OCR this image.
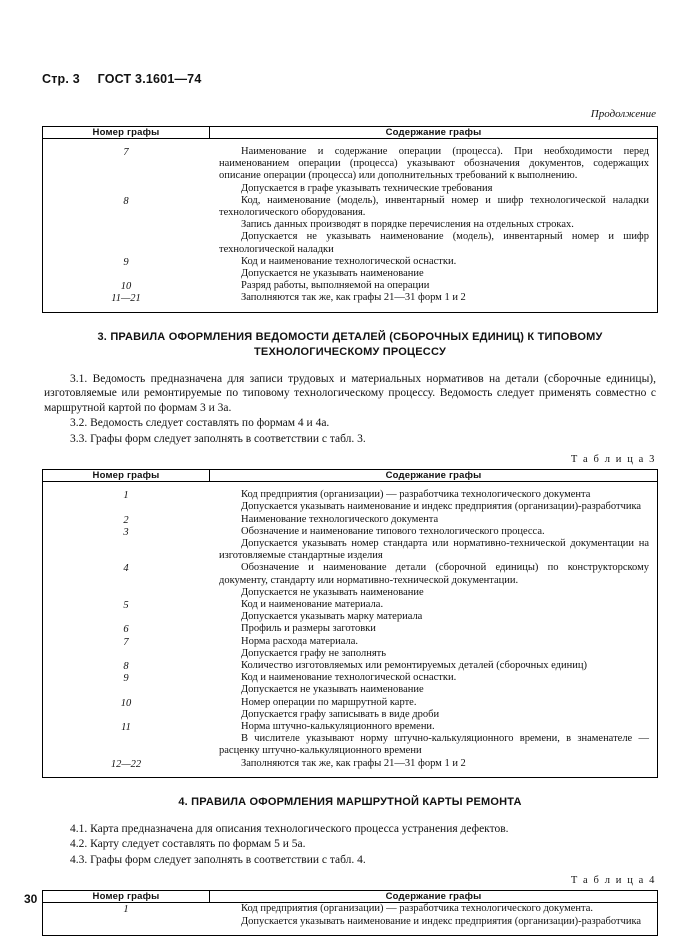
Стр. 3 ГОСТ 3.1601—74
Продолжение
Номер графы	Содержание графы

7	Наименование и содержание операции (процесса). При необходимости перед наименованием операции (процесса) указывают обозначения документов, содержащих описание операции (процесса) или дополнительных требований к выполнению.
Допускается в графе указывать технические требования
8	Код, наименование (модель), инвентарный номер и шифр технологической наладки технологического оборудования.
Запись данных производят в порядке перечисления на отдельных строках.
Допускается не указывать наименование (модель), инвентарный номер и шифр технологической наладки
9	Код и наименование технологической оснастки.
Допускается не указывать наименование
10	Разряд работы, выполняемой на операции
11—21	Заполняются так же, как графы 21—31 форм 1 и 2
3. ПРАВИЛА ОФОРМЛЕНИЯ ВЕДОМОСТИ ДЕТАЛЕЙ (СБОРОЧНЫХ ЕДИНИЦ) К ТИПОВОМУ
ТЕХНОЛОГИЧЕСКОМУ ПРОЦЕССУ
3.1. Ведомость предназначена для записи трудовых и материальных нормативов на детали (сборочные единицы), изготовляемые или ремонтируемые по типовому технологическому процессу. Ведомость следует применять совместно с маршрутной картой по формам 3 и 3а.
3.2. Ведомость следует составлять по формам 4 и 4а.
3.3. Графы форм следует заполнять в соответствии с табл. 3.
Т а б л и ц а 3
Номер графы	Содержание графы

1	Код предприятия (организации) — разработчика технологического документа
Допускается указывать наименование и индекс предприятия (организации)-разработчика
2	Наименование технологического документа
3	Обозначение и наименование типового технологического процесса.
Допускается указывать номер стандарта или нормативно-технической документации на изготовляемые стандартные изделия
4	Обозначение и наименование детали (сборочной единицы) по конструкторскому документу, стандарту или нормативно-технической документации.
Допускается не указывать наименование
5	Код и наименование материала.
Допускается указывать марку материала
6	Профиль и размеры заготовки
7	Норма расхода материала.
Допускается графу не заполнять
8	Количество изготовляемых или ремонтируемых деталей (сборочных единиц)
9	Код и наименование технологической оснастки.
Допускается не указывать наименование
10	Номер операции по маршрутной карте.
Допускается графу записывать в виде дроби
11	Норма штучно-калькуляционного времени.
В числителе указывают норму штучно-калькуляционного времени, в знаменателе — расценку штучно-калькуляционного времени
12—22	Заполняются так же, как графы 21—31 форм 1 и 2
4. ПРАВИЛА ОФОРМЛЕНИЯ МАРШРУТНОЙ КАРТЫ РЕМОНТА
4.1. Карта предназначена для описания технологического процесса устранения дефектов.
4.2. Карту следует составлять по формам 5 и 5а.
4.3. Графы форм следует заполнять в соответствии с табл. 4.
Т а б л и ц а 4
Номер графы	Содержание графы

1	Код предприятия (организации) — разработчика технологического документа.
Допускается указывать наименование и индекс предприятия (организации)-разработчика
30
